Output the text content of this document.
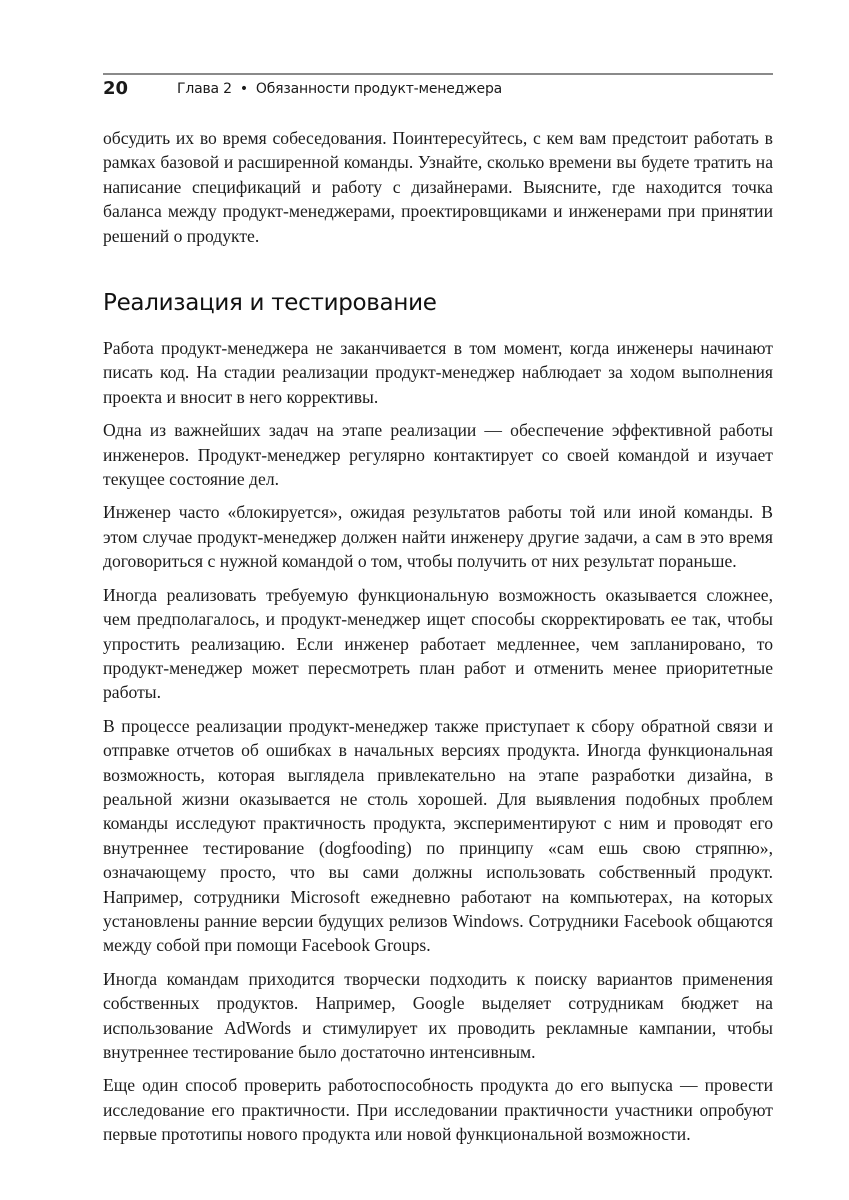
20	Глава 2 • Обязанности продукт-менеджера

обсудить их во время собеседования. Поинтересуйтесь, с кем вам предстоит работать в рамках базовой и расширенной команды. Узнайте, сколько времени вы будете тратить на написание спецификаций и работу с дизайнерами. Выясните, где находится точка баланса между продукт-менеджерами, проектировщиками и инженерами при принятии решений о продукте.

Реализация и тестирование

Работа продукт-менеджера не заканчивается в том момент, когда инженеры начинают писать код. На стадии реализации продукт-менеджер наблюдает за ходом выполнения проекта и вносит в него коррективы.

Одна из важнейших задач на этапе реализации — обеспечение эффективной работы инженеров. Продукт-менеджер регулярно контактирует со своей командой и изучает текущее состояние дел.

Инженер часто «блокируется», ожидая результатов работы той или иной команды. В этом случае продукт-менеджер должен найти инженеру другие задачи, а сам в это время договориться с нужной командой о том, чтобы получить от них результат пораньше.

Иногда реализовать требуемую функциональную возможность оказывается сложнее, чем предполагалось, и продукт-менеджер ищет способы скорректировать ее так, чтобы упростить реализацию. Если инженер работает медленнее, чем запланировано, то продукт-менеджер может пересмотреть план работ и отменить менее приоритетные работы.

В процессе реализации продукт-менеджер также приступает к сбору обратной связи и отправке отчетов об ошибках в начальных версиях продукта. Иногда функциональная возможность, которая выглядела привлекательно на этапе разработки дизайна, в реальной жизни оказывается не столь хорошей. Для выявления подобных проблем команды исследуют практичность продукта, экспериментируют с ним и проводят его внутреннее тестирование (dogfooding) по принципу «сам ешь свою стряпню», означающему просто, что вы сами должны использовать собственный продукт. Например, сотрудники Microsoft ежедневно работают на компьютерах, на которых установлены ранние версии будущих релизов Windows. Сотрудники Facebook общаются между собой при помощи Facebook Groups.

Иногда командам приходится творчески подходить к поиску вариантов применения собственных продуктов. Например, Google выделяет сотрудникам бюджет на использование AdWords и стимулирует их проводить рекламные кампании, чтобы внутреннее тестирование было достаточно интенсивным.

Еще один способ проверить работоспособность продукта до его выпуска — провести исследование его практичности. При исследовании практичности участники опробуют первые прототипы нового продукта или новой функциональной возможности.
